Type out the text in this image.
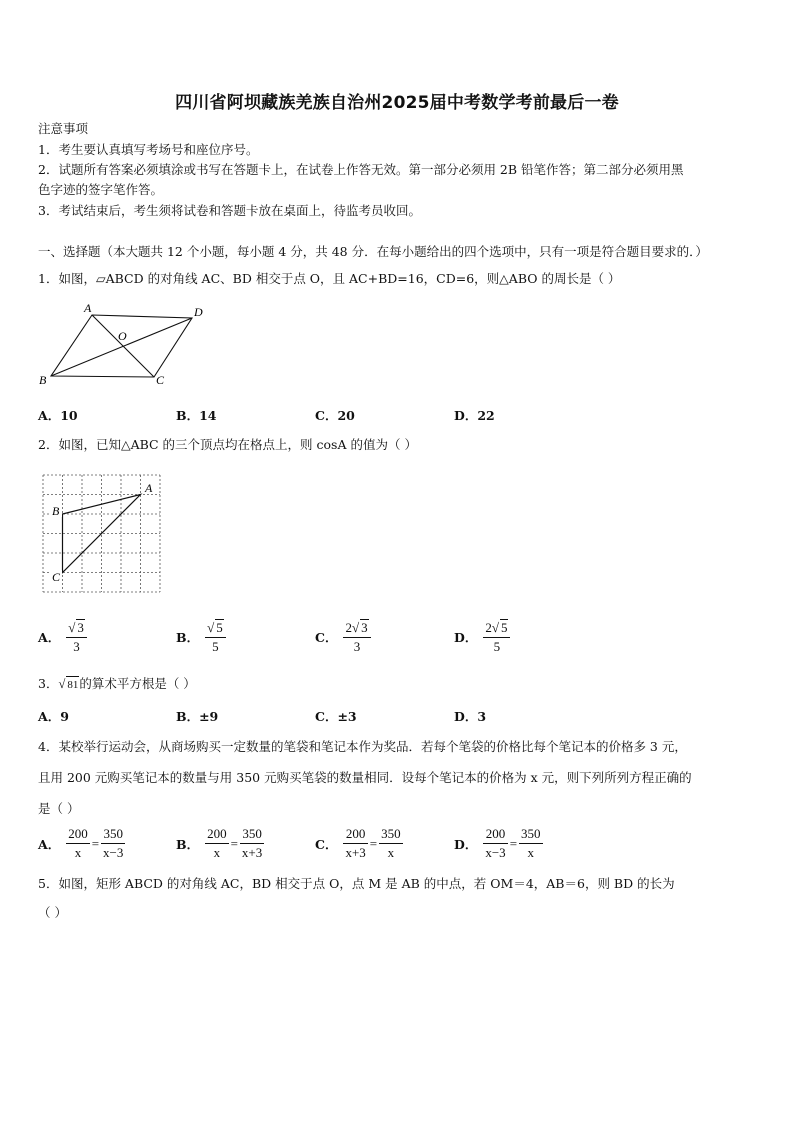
四川省阿坝藏族羌族自治州2025届中考数学考前最后一卷
注意事项
1．考生要认真填写考场号和座位序号。
2．试题所有答案必须填涂或书写在答题卡上，在试卷上作答无效。第一部分必须用 2B 铅笔作答；第二部分必须用黑
色字迹的签字笔作答。
3．考试结束后，考生须将试卷和答题卡放在桌面上，待监考员收回。
一、选择题（本大题共 12 个小题，每小题 4 分，共 48 分．在每小题给出的四个选项中，只有一项是符合题目要求的．）
1．如图，▱ABCD 的对角线 AC、BD 相交于点 O，且 AC+BD=16，CD=6，则△ABO 的周长是（ ）
A	D
O
B	C
A．10	B．14	C．20	D．22
2．如图，已知△ABC 的三个顶点均在格点上，则 cosA 的值为（ ）
A
B
C
A． $\frac{√ 3}{3}$	B． $\frac{√ 5}{5}$	C． $\frac{2√ 3}{3}$	D． $\frac{2√ 5}{5}$
3．√ 81的算术平方根是（ ）
A．9	B．±9	C．±3	D．3
4．某校举行运动会，从商场购买一定数量的笔袋和笔记本作为奖品．若每个笔袋的价格比每个笔记本的价格多 3 元，
且用 200 元购买笔记本的数量与用 350 元购买笔袋的数量相同．设每个笔记本的价格为 x 元，则下列所列方程正确的
是（ ）
A． $\frac{200}{x} = \frac{350}{x-3}$	B． $\frac{200}{x} = \frac{350}{x+3}$	C． $\frac{200}{x+3} = \frac{350}{x}$	D． $\frac{200}{x-3} = \frac{350}{x}$
5．如图，矩形 ABCD 的对角线 AC，BD 相交于点 O，点 M 是 AB 的中点，若 OM＝4，AB＝6，则 BD 的长为
（ ）
